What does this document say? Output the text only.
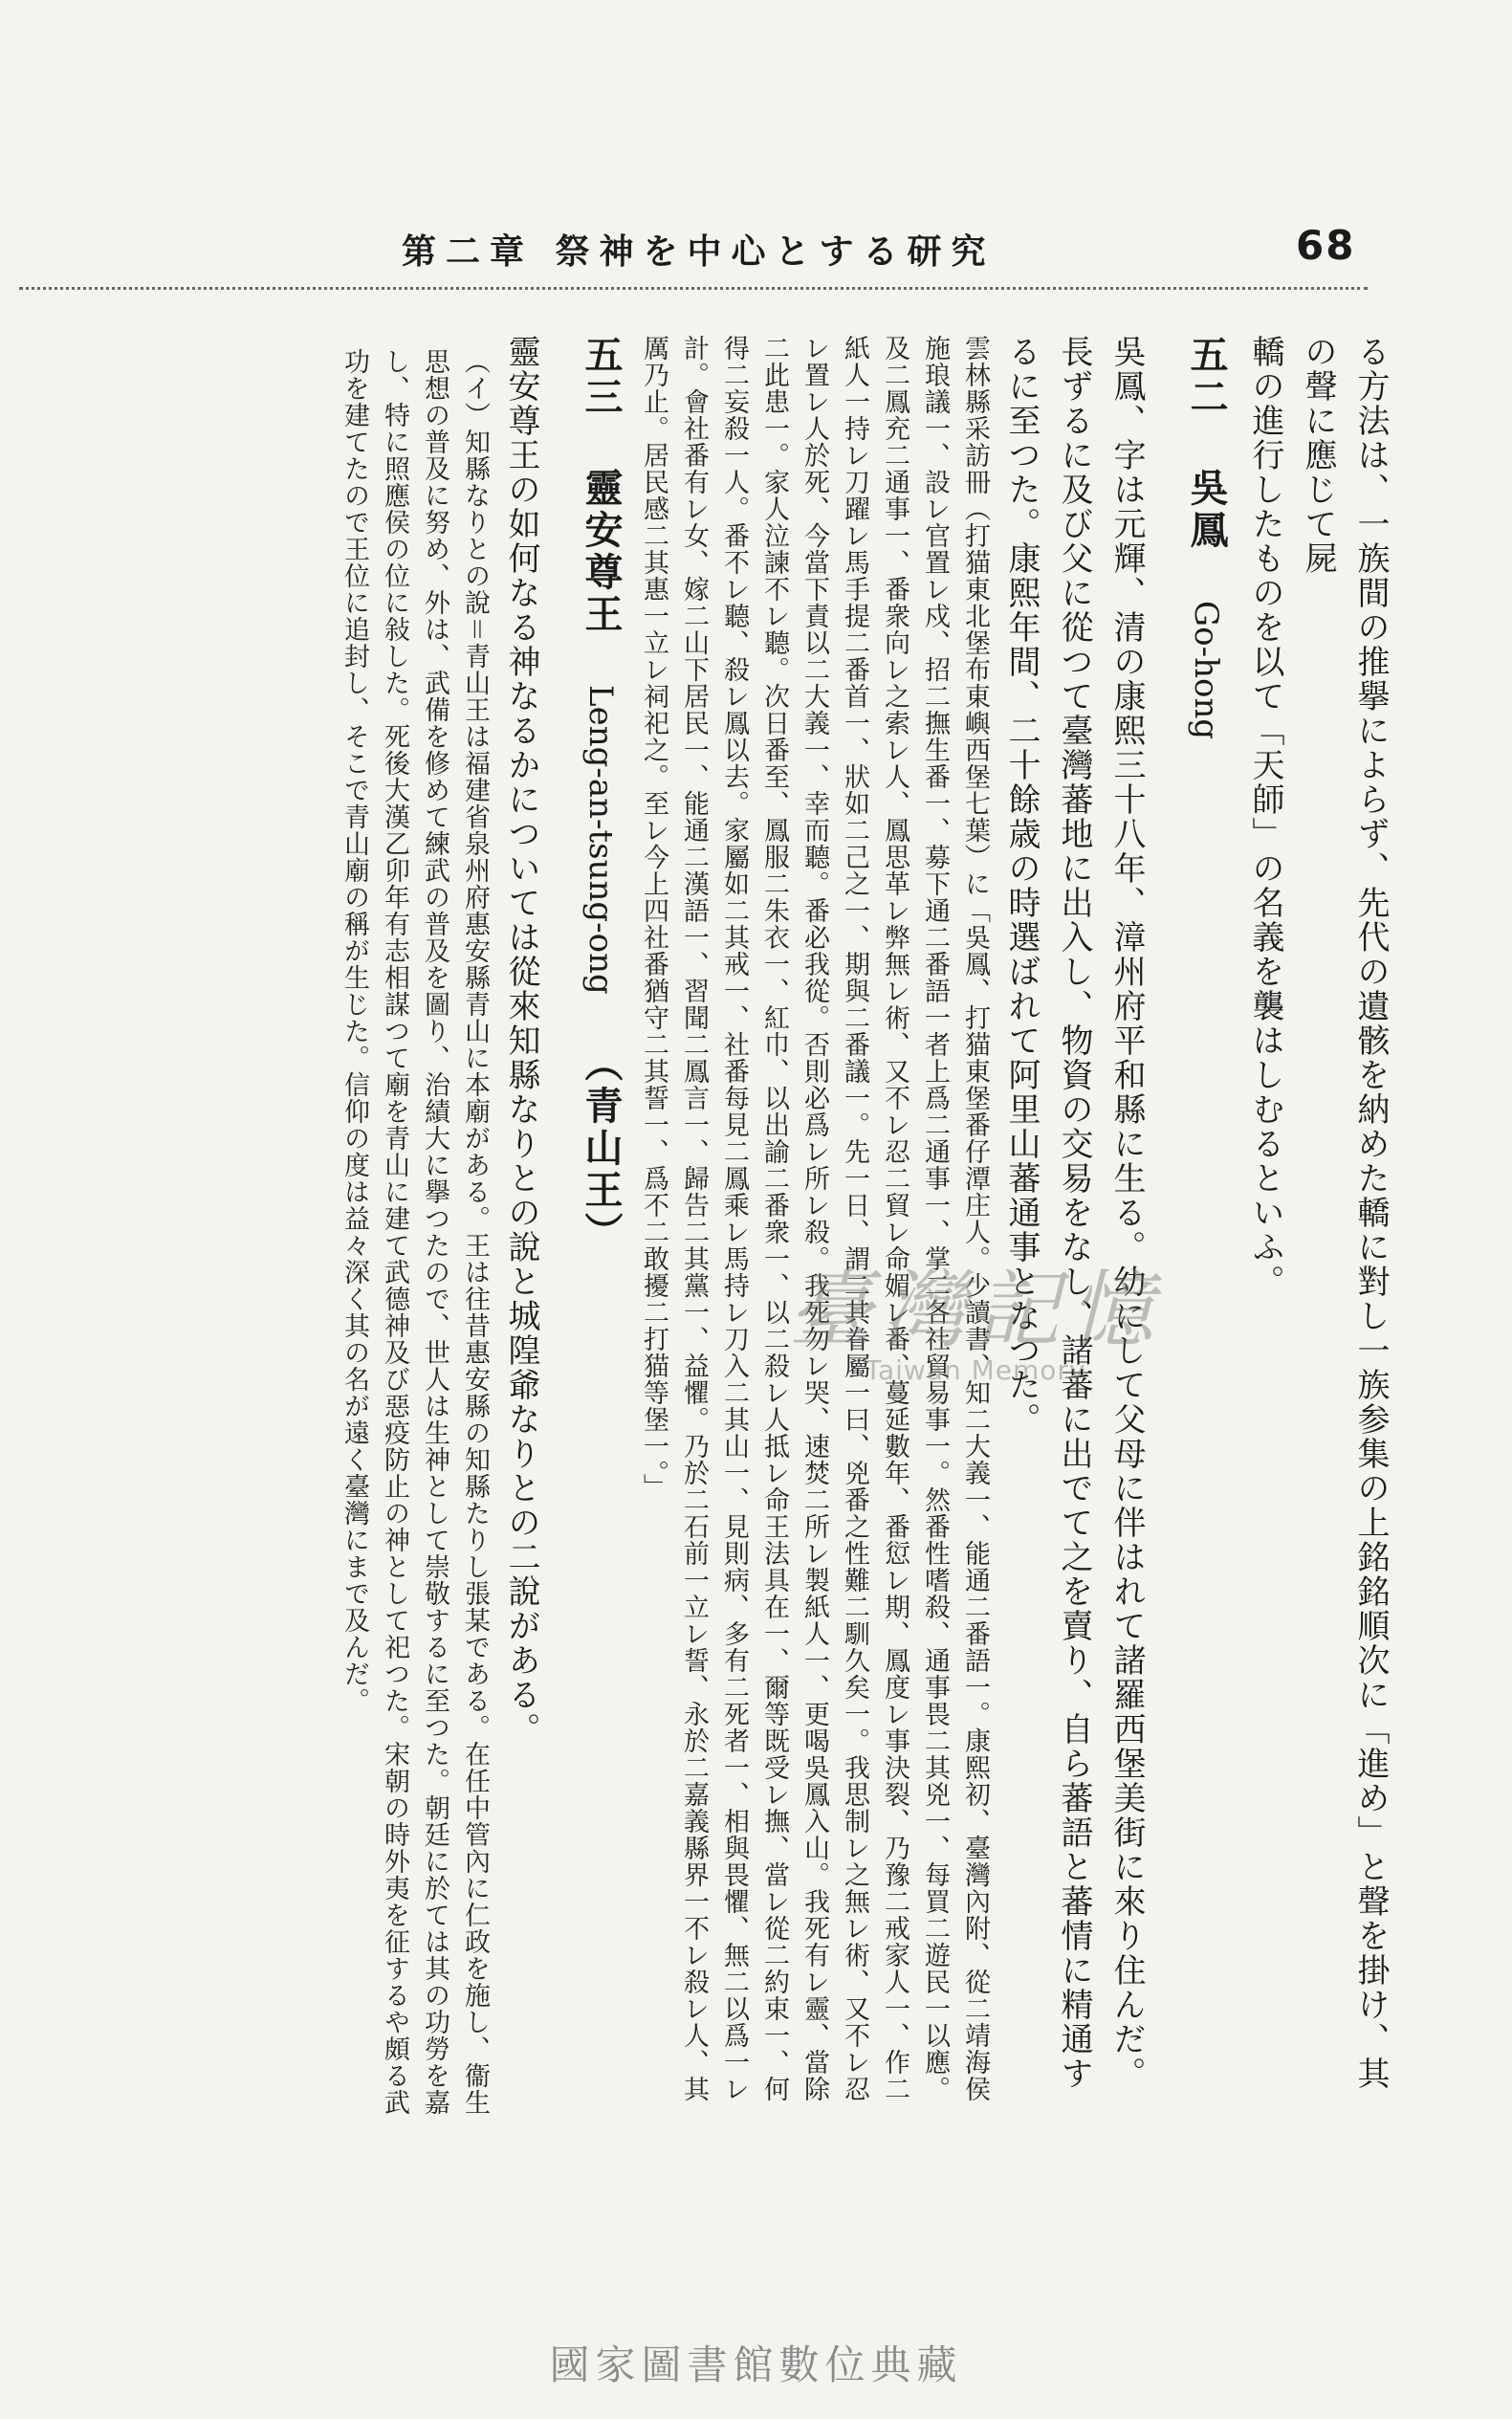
68
第二章 祭神を中心とする研究

る方法は、一族間の推擧によらず、先代の遺骸を納めた轎に對し一族参集の上銘銘順次に「進め」と聲を掛け、其の聲に應じて屍

轎の進行したものを以て「天師」の名義を襲はしむるといふ。

五二 吳鳳 Go-hong

吳鳳、字は元輝、清の康熙三十八年、漳州府平和縣に生る。幼にして父母に伴はれて諸羅西堡美街に來り住んだ。長ずるに及び父に從つて臺灣蕃地に出入し、物資の交易をなし、諸蕃に出でて之を賣り、自ら蕃語と蕃情に精通するに至つた。康熙年間、二十餘歳の時選ばれて阿里山蕃通事となつた。

雲林縣采訪冊（打猫東北堡布東嶼西堡七葉）に「吳鳳、打猫東堡番仔潭庄人。少讀書、知二大義一、能通二番語一。康熙初、臺灣內附、從二靖海侯施琅議一、設レ官置レ戍、招二撫生番一、募下通二番語一者上爲二通事一、掌二各社貿易事一。然番性嗜殺、通事畏二其兇一、每買二遊民一以應。及二鳳充二通事一、番衆向レ之索レ人、鳳思革レ弊無レ術、又不レ忍二貿レ命媚レ番、蔓延數年、番愆レ期、鳳度レ事決裂、乃豫二戒家人一、作二紙人一持レ刀躍レ馬手提二番首一、狀如二己之一、期與二番議一。先一日、謂二其眷屬一曰、兇番之性難二馴久矣一。我思制レ之無レ術、又不レ忍レ置レ人於死、今當下責以二大義一、幸而聽。番必我從。否則必爲レ所レ殺。我死勿レ哭、速焚二所レ製紙人一、更喝吳鳳入山。我死有レ靈、當除二此患一。家人泣諫不レ聽。次日番至、鳳服二朱衣一、紅巾、以出諭二番衆一、以二殺レ人抵レ命王法具在一、爾等既受レ撫、當レ從二約束一、何得二妄殺一人。番不レ聽、殺レ鳳以去。家屬如二其戒一、社番每見二鳳乘レ馬持レ刀入二其山一、見則病、多有二死者一、相與畏懼、無二以爲一レ計。會社番有レ女、嫁二山下居民一、能通二漢語一、習聞二鳳言一、歸告二其黨一、益懼。乃於二石前一立レ誓、永於二嘉義縣界一不レ殺レ人、其厲乃止。居民感二其惠一立レ祠祀之。至レ今上四社番猶守二其誓一、爲不二敢擾二打猫等堡一。」

五三 靈安尊王 Leng-an-tsung-ong （青山王）

靈安尊王の如何なる神なるかについては從來知縣なりとの說と城隍爺なりとの二說がある。

（イ）知縣なりとの說＝青山王は福建省泉州府惠安縣青山に本廟がある。王は往昔惠安縣の知縣たりし張某である。在任中管內に仁政を施し、衞生思想の普及に努め、外は、武備を修めて練武の普及を圖り、治績大に擧つたので、世人は生神として崇敬するに至つた。朝廷に於ては其の功勞を嘉し、特に照應侯の位に敍した。死後大漢乙卯年有志相謀つて廟を青山に建て武德神及び惡疫防止の神として祀つた。宋朝の時外夷を征するや頗る武功を建てたので王位に追封し、そこで青山廟の稱が生じた。信仰の度は益々深く其の名が遠く臺灣にまで及んだ。	臺灣記憶
Taiwan Memory
國家圖書館數位典藏
